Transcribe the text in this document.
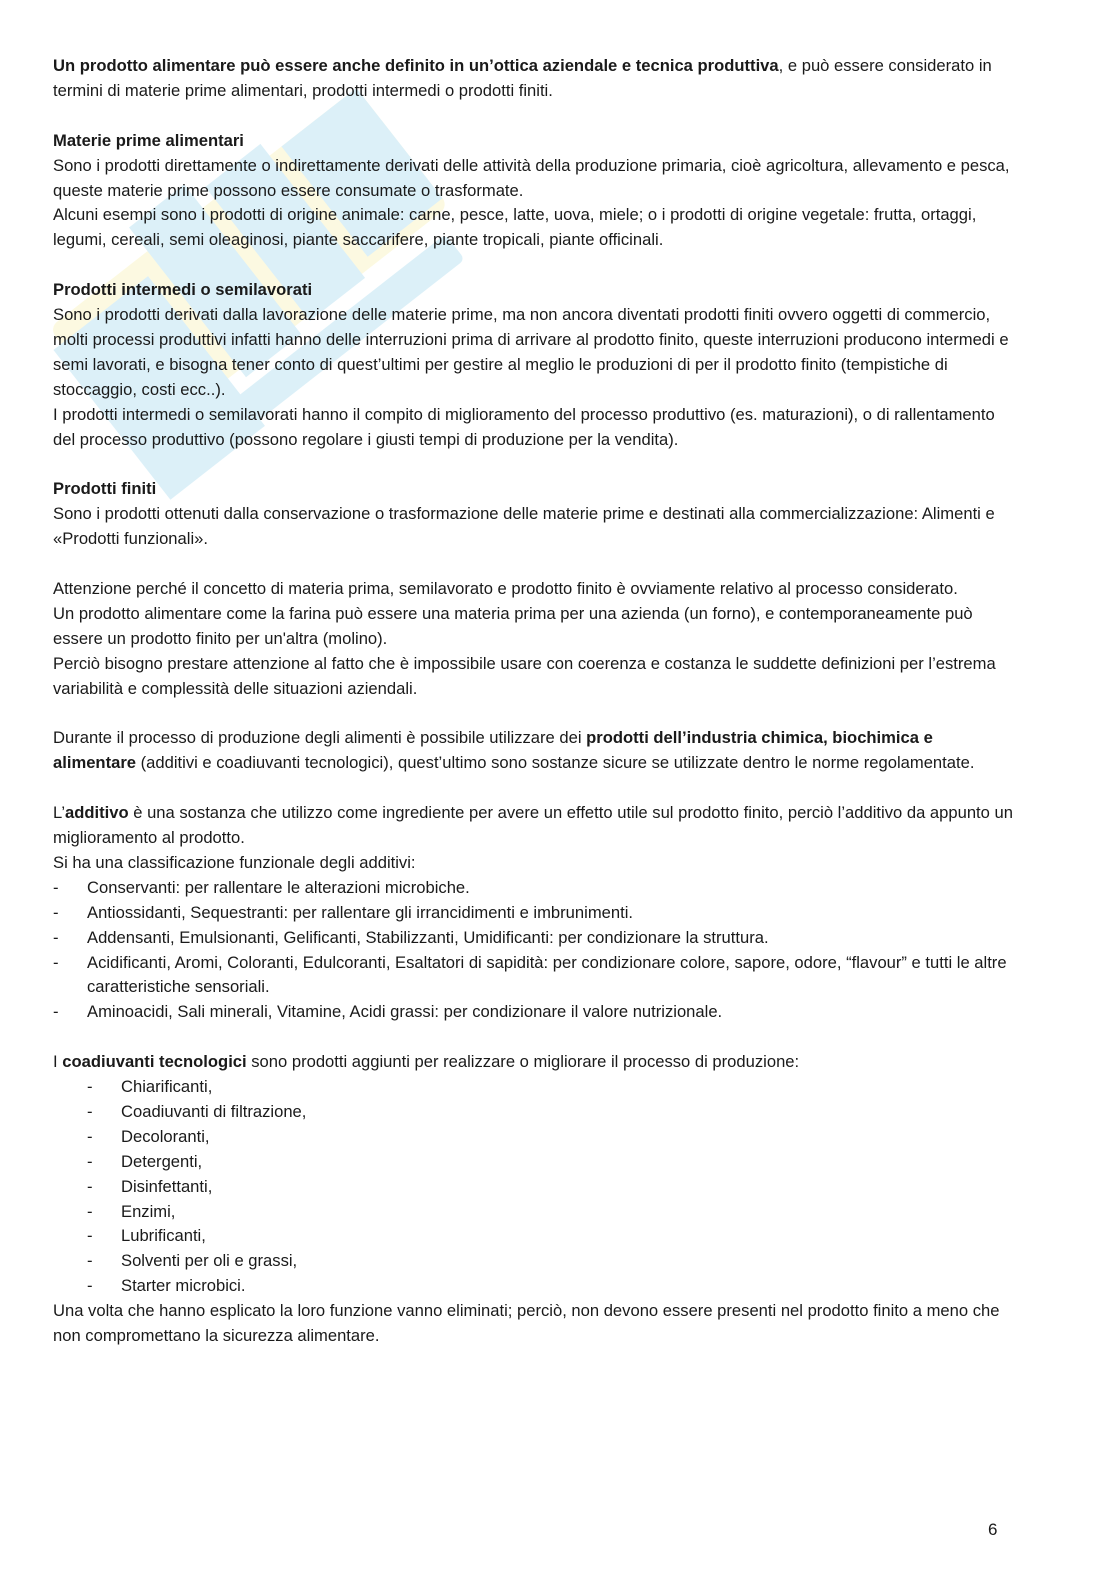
Un prodotto alimentare può essere anche definito in un’ottica aziendale e tecnica produttiva, e può essere considerato in termini di materie prime alimentari, prodotti intermedi o prodotti finiti.

Materie prime alimentari

Sono i prodotti direttamente o indirettamente derivati delle attività della produzione primaria, cioè agricoltura, allevamento e pesca, queste materie prime possono essere consumate o trasformate.

Alcuni esempi sono i prodotti di origine animale: carne, pesce, latte, uova, miele; o i prodotti di origine vegetale: frutta, ortaggi, legumi, cereali, semi oleaginosi, piante saccarifere, piante tropicali, piante officinali.

Prodotti intermedi o semilavorati

Sono i prodotti derivati dalla lavorazione delle materie prime, ma non ancora diventati prodotti finiti ovvero oggetti di commercio, molti processi produttivi infatti hanno delle interruzioni prima di arrivare al prodotto finito, queste interruzioni producono intermedi e semi lavorati, e bisogna tener conto di quest’ultimi per gestire al meglio le produzioni di per il prodotto finito (tempistiche di stoccaggio, costi ecc..).

I prodotti intermedi o semilavorati hanno il compito di miglioramento del processo produttivo (es. maturazioni), o di rallentamento del processo produttivo (possono regolare i giusti tempi di produzione per la vendita).

Prodotti finiti

Sono i prodotti ottenuti dalla conservazione o trasformazione delle materie prime e destinati alla commercializzazione: Alimenti e «Prodotti funzionali».

Attenzione perché il concetto di materia prima, semilavorato e prodotto finito è ovviamente relativo al processo considerato.

Un prodotto alimentare come la farina può essere una materia prima per una azienda (un forno), e contemporaneamente può essere un prodotto finito per un'altra (molino).

Perciò bisogno prestare attenzione al fatto che è impossibile usare con coerenza e costanza le suddette definizioni per l’estrema variabilità e complessità delle situazioni aziendali.

Durante il processo di produzione degli alimenti è possibile utilizzare dei prodotti dell’industria chimica, biochimica e alimentare (additivi e coadiuvanti tecnologici), quest’ultimo sono sostanze sicure se utilizzate dentro le norme regolamentate.

L’additivo è una sostanza che utilizzo come ingrediente per avere un effetto utile sul prodotto finito, perciò l’additivo da appunto un miglioramento al prodotto.

Si ha una classificazione funzionale degli additivi:

- Conservanti: per rallentare le alterazioni microbiche.
- Antiossidanti, Sequestranti: per rallentare gli irrancidimenti e imbrunimenti.
- Addensanti, Emulsionanti, Gelificanti, Stabilizzanti, Umidificanti: per condizionare la struttura.
- Acidificanti, Aromi, Coloranti, Edulcoranti, Esaltatori di sapidità: per condizionare colore, sapore, odore, “flavour” e tutti le altre caratteristiche sensoriali.
- Aminoacidi, Sali minerali, Vitamine, Acidi grassi: per condizionare il valore nutrizionale.

I coadiuvanti tecnologici sono prodotti aggiunti per realizzare o migliorare il processo di produzione:

- Chiarificanti,
- Coadiuvanti di filtrazione,
- Decoloranti,
- Detergenti,
- Disinfettanti,
- Enzimi,
- Lubrificanti,
- Solventi per oli e grassi,
- Starter microbici.

Una volta che hanno esplicato la loro funzione vanno eliminati; perciò, non devono essere presenti nel prodotto finito a meno che non compromettano la sicurezza alimentare.

6
